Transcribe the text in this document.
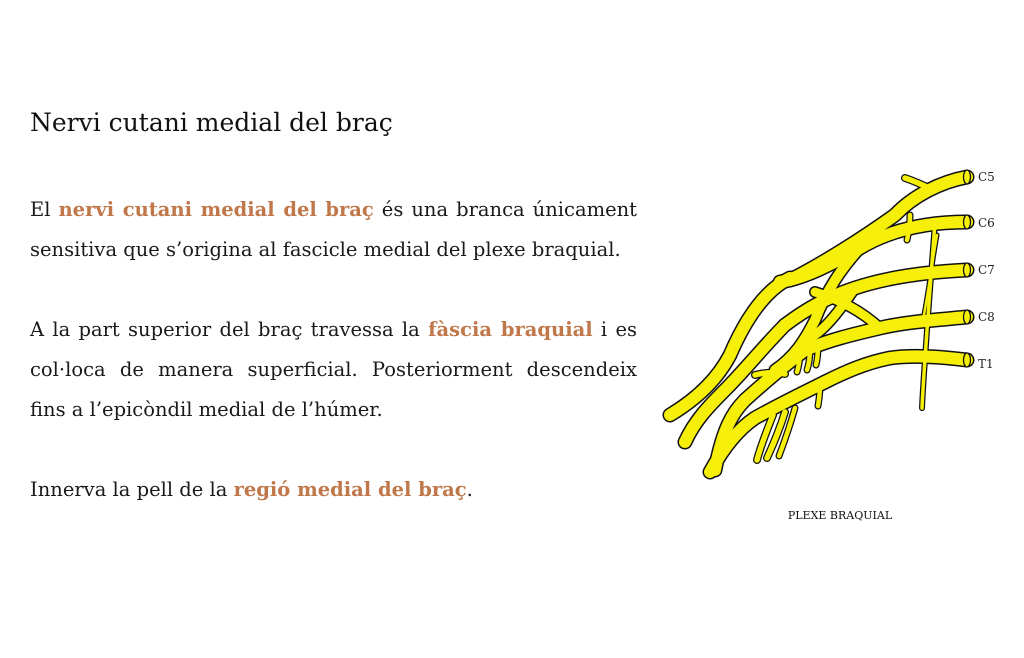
Nervi cutani medial del braç

El nervi cutani medial del braç és una branca únicament sensitiva que s’origina al fascicle medial del plexe braquial.

A la part superior del braç travessa la fàscia braquial i es col·loca de manera superficial. Posteriorment descendeix fins a l’epicòndil medial de l’húmer.

Innerva la pell de la regió medial del braç.

C5
C6
C7
C8
T1
PLEXE BRAQUIAL
